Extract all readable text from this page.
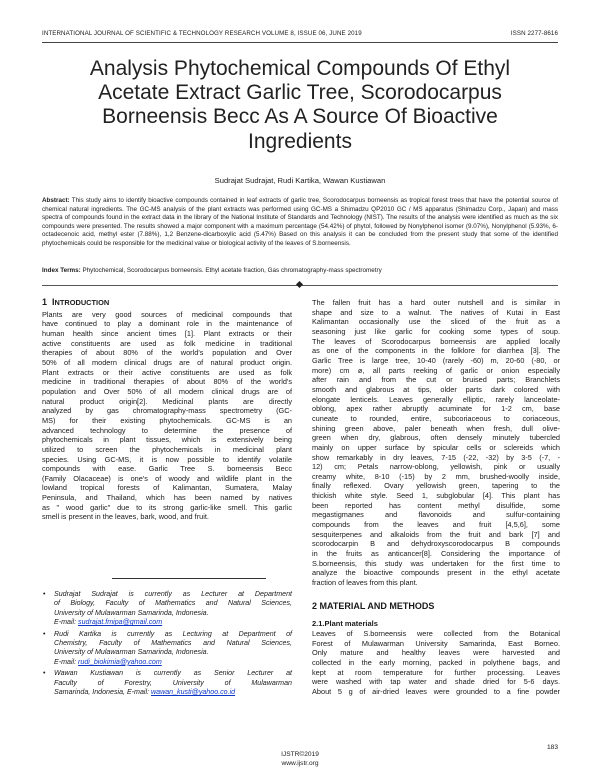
INTERNATIONAL JOURNAL OF SCIENTIFIC & TECHNOLOGY RESEARCH VOLUME 8, ISSUE 06, JUNE 2019	ISSN 2277-8616
Analysis Phytochemical Compounds Of Ethyl
Acetate Extract Garlic Tree, Scorodocarpus
Borneensis Becc As A Source Of Bioactive
Ingredients
Sudrajat Sudrajat, Rudi Kartika, Wawan Kustiawan
Abstract: This study aims to identify bioactive compounds contained in leaf extracts of garlic tree, Scorodocarpus borneensis as tropical forest trees that have the potential source of chemical natural ingredients. The GC-MS analysis of the plant extracts was performed using GC-MS a Shimadzu QP2010 GC / MS apparatus (Shimadzu Corp., Japan) and mass spectra of compounds found in the extract data in the library of the National Institute of Standards and Technology (NIST). The results of the analysis were identified as much as the six compounds were presented. The results showed a major component with a maximum percentage (54.42%) of phytol, followed by Nonylphenol isomer (9.07%), Nonylphenol (5.93%, 6-octadecenoic acid, methyl ester (7.88%), 1,2 Benzene-dicarboxylic acid (5.47%) Based on this analysis it can be concluded from the present study that some of the identified phytochemicals could be responsible for the medicinal value or biological activity of the leaves of S.borneensis.
Index Terms: Phytochemical, Scorodocarpus borneensis. Ethyl acetate fraction, Gas chromatography-mass spectrometry
1 INTRODUCTION

Plants are very good sources of medicinal compounds that
have continued to play a dominant role in the maintenance of
human health since ancient times [1]. Plant extracts or their
active constituents are used as folk medicine in traditional
therapies of about 80% of the world's population and Over
50% of all modern clinical drugs are of natural product origin.
Plant extracts or their active constituents are used as folk
medicine in traditional therapies of about 80% of the world's
population and Over 50% of all modern clinical drugs are of
natural product origin[2]. Medicinal plants are directly
analyzed by gas chromatography-mass spectrometry (GC-
MS) for their existing phytochemicals. GC-MS is an
advanced technology to determine the presence of
phytochemicals in plant tissues, which is extensively being
utilized to screen the phytochemicals in medicinal plant
species. Using GC-MS, it is now possible to identify volatile
compounds with ease. Garlic Tree S. borneensis Becc
(Family Olacaceae) is one's of woody and wildlife plant in the
lowland tropical forests of Kalimantan, Sumatera, Malay
Peninsula, and Thailand, which has been named by natives
as " wood garlic" due to its strong garlic-like smell. This garlic
smell is present in the leaves, bark, wood, and fruit.

• Sudrajat Sudrajat is currently as Lecturer at Department
of Biology, Faculty of Mathematics and Natural Sciences,
University of Mulawarman Samarinda, Indonesia.
E-mail: sudrajat.fmipa@gmail.com
• Rudi Kartika is currently as Lecturing at Department of
Chemistry, Faculty of Mathematics and Natural Sciences,
University of Mulawarman Samarinda, Indonesia.
E-mail: rudi_biokimia@yahoo.com
• Wawan Kustiawan is currently as Senior Lecturer at
Faculty of Forestry, University of Mulawarman
Samarinda, Indonesia, E-mail: wawan_kusti@yahoo.co.id

The fallen fruit has a hard outer nutshell and is similar in
shape and size to a walnut. The natives of Kutai in East
Kalimantan occasionally use the sliced of the fruit as a
seasoning just like garlic for cooking some types of soup.
The leaves of Scorodocarpus borneensis are applied locally
as one of the components in the folklore for diarrhea [3]. The
Garlic Tree is large tree, 10-40 (rarely -60) m, 20-60 (-80, or
more) cm ø, all parts reeking of garlic or onion especially
after rain and from the cut or bruised parts; Branchlets
smooth and glabrous at tips, older parts dark colored with
elongate lenticels. Leaves generally elliptic, rarely lanceolate-
oblong, apex rather abruptly acuminate for 1-2 cm, base
cuneate to rounded, entire, subcoriaceous to coriaceous,
shining green above, paler beneath when fresh, dull olive-
green when dry, glabrous, often densely minutely tubercled
mainly on upper surface by spicular cells or sclereids which
show remarkably in dry leaves, 7-15 (-22, -32) by 3-5 (-7, -
12) cm; Petals narrow-oblong, yellowish, pink or usually
creamy white, 8-10 (-15) by 2 mm, brushed-woolly inside,
finally reflexed. Ovary yellowish green, tapering to the
thickish white style. Seed 1, subglobular [4]. This plant has
been reported has content methyl disulfide, some
megastigmanes and flavonoids and sulfur-containing
compounds from the leaves and fruit [4,5,6], some
sesquiterpenes and alkaloids from the fruit and bark [7] and
scorodocarpin B and dehydroxyscorodocarpus B compounds
in the fruits as anticancer[8]. Considering the importance of
S.borneensis, this study was undertaken for the first time to
analyze the bioactive compounds present in the ethyl acetate
fraction of leaves from this plant.

2 MATERIAL AND METHODS
2.1.Plant materials

Leaves of S.borneensis were collected from the Botanical
Forest of Mulawarman University Samarinda, East Borneo.
Only mature and healthy leaves were harvested and
collected in the early morning, packed in polythene bags, and
kept at room temperature for further processing. Leaves
were washed with tap water and shade dried for 5-6 days.
About 5 g of air-dried leaves were grounded to a fine powder

183
IJSTR©2019
www.ijstr.org
